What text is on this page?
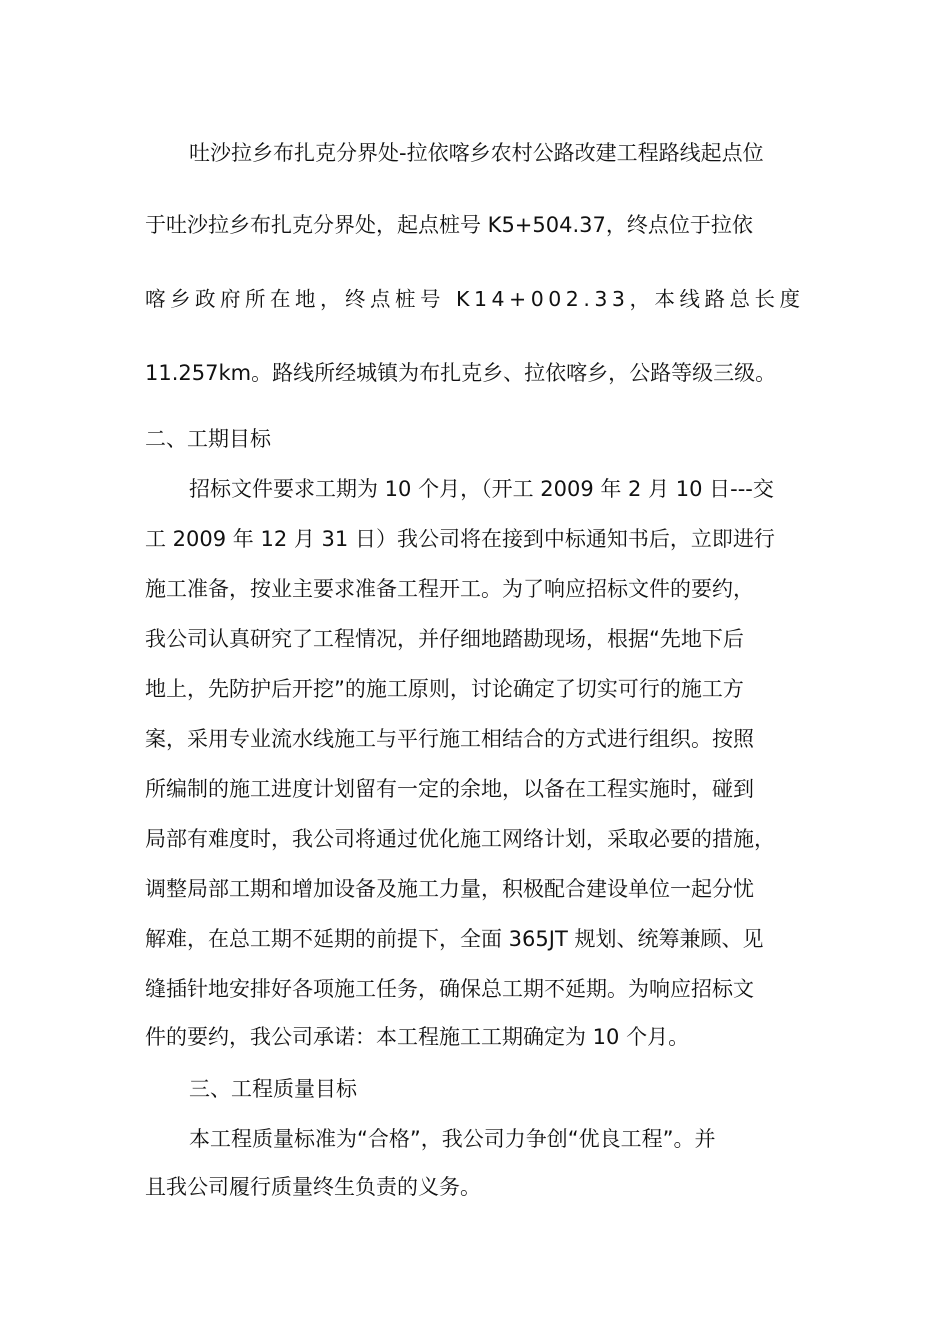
吐沙拉乡布扎克分界处-拉依喀乡农村公路改建工程路线起点位
于吐沙拉乡布扎克分界处，起点桩号 K5+504.37，终点位于拉依
喀乡政府所在地，终点桩号 K14+002.33，本线路总长度
11.257km。路线所经城镇为布扎克乡、拉依喀乡，公路等级三级。
二、工期目标
招标文件要求工期为 10 个月，（开工 2009 年 2 月 10 日---交
工 2009 年 12 月 31 日）我公司将在接到中标通知书后，立即进行
施工准备，按业主要求准备工程开工。为了响应招标文件的要约，
我公司认真研究了工程情况，并仔细地踏勘现场，根据“先地下后
地上，先防护后开挖”的施工原则，讨论确定了切实可行的施工方
案，采用专业流水线施工与平行施工相结合的方式进行组织。按照
所编制的施工进度计划留有一定的余地，以备在工程实施时，碰到
局部有难度时，我公司将通过优化施工网络计划，采取必要的措施，
调整局部工期和增加设备及施工力量，积极配合建设单位一起分忧
解难，在总工期不延期的前提下，全面 365JT 规划、统筹兼顾、见
缝插针地安排好各项施工任务，确保总工期不延期。为响应招标文
件的要约，我公司承诺：本工程施工工期确定为 10 个月。
三、工程质量目标
本工程质量标准为“合格”，我公司力争创“优良工程”。并
且我公司履行质量终生负责的义务。
